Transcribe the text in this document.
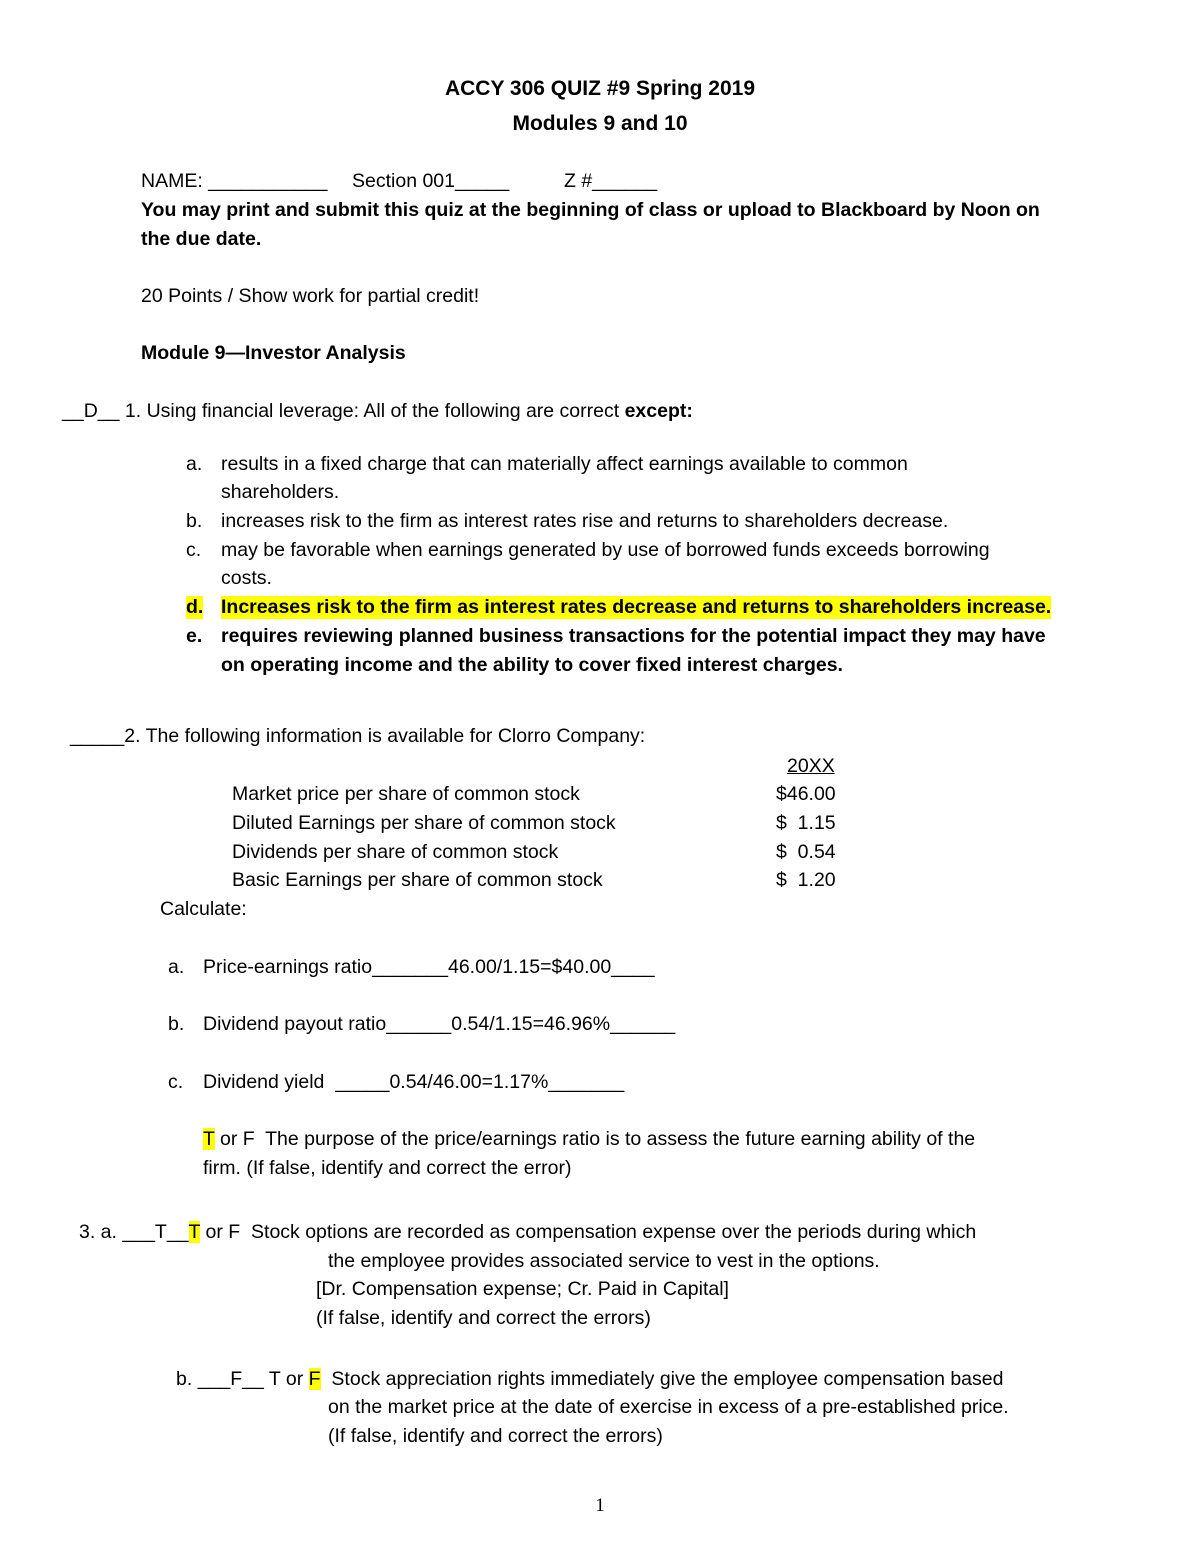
ACCY 306 QUIZ #9 Spring 2019
Modules 9 and 10
NAME: ___________ Section 001_____	Z #______
You may print and submit this quiz at the beginning of class or upload to Blackboard by Noon on
the due date.
20 Points / Show work for partial credit!
Module 9—Investor Analysis
__D__ 1. Using financial leverage: All of the following are correct except:
a. results in a fixed charge that can materially affect earnings available to common
shareholders.
b. increases risk to the firm as interest rates rise and returns to shareholders decrease.
c. may be favorable when earnings generated by use of borrowed funds exceeds borrowing
costs.
d. Increases risk to the firm as interest rates decrease and returns to shareholders increase.
e. requires reviewing planned business transactions for the potential impact they may have
on operating income and the ability to cover fixed interest charges.
_____2. The following information is available for Clorro Company:
20XX
Market price per share of common stock	$46.00
Diluted Earnings per share of common stock	$  1.15
Dividends per share of common stock	$  0.54
Basic Earnings per share of common stock	$  1.20
Calculate:
a. Price-earnings ratio_______46.00/1.15=$40.00____
b. Dividend payout ratio______0.54/1.15=46.96%______
c. Dividend yield  _____0.54/46.00=1.17%_______
T or F The purpose of the price/earnings ratio is to assess the future earning ability of the
firm. (If false, identify and correct the error)
3. a. ___T__T or F Stock options are recorded as compensation expense over the periods during which
the employee provides associated service to vest in the options.
[Dr. Compensation expense; Cr. Paid in Capital]
(If false, identify and correct the errors)
b. ___F__ T or F Stock appreciation rights immediately give the employee compensation based
on the market price at the date of exercise in excess of a pre-established price.
(If false, identify and correct the errors)
1
